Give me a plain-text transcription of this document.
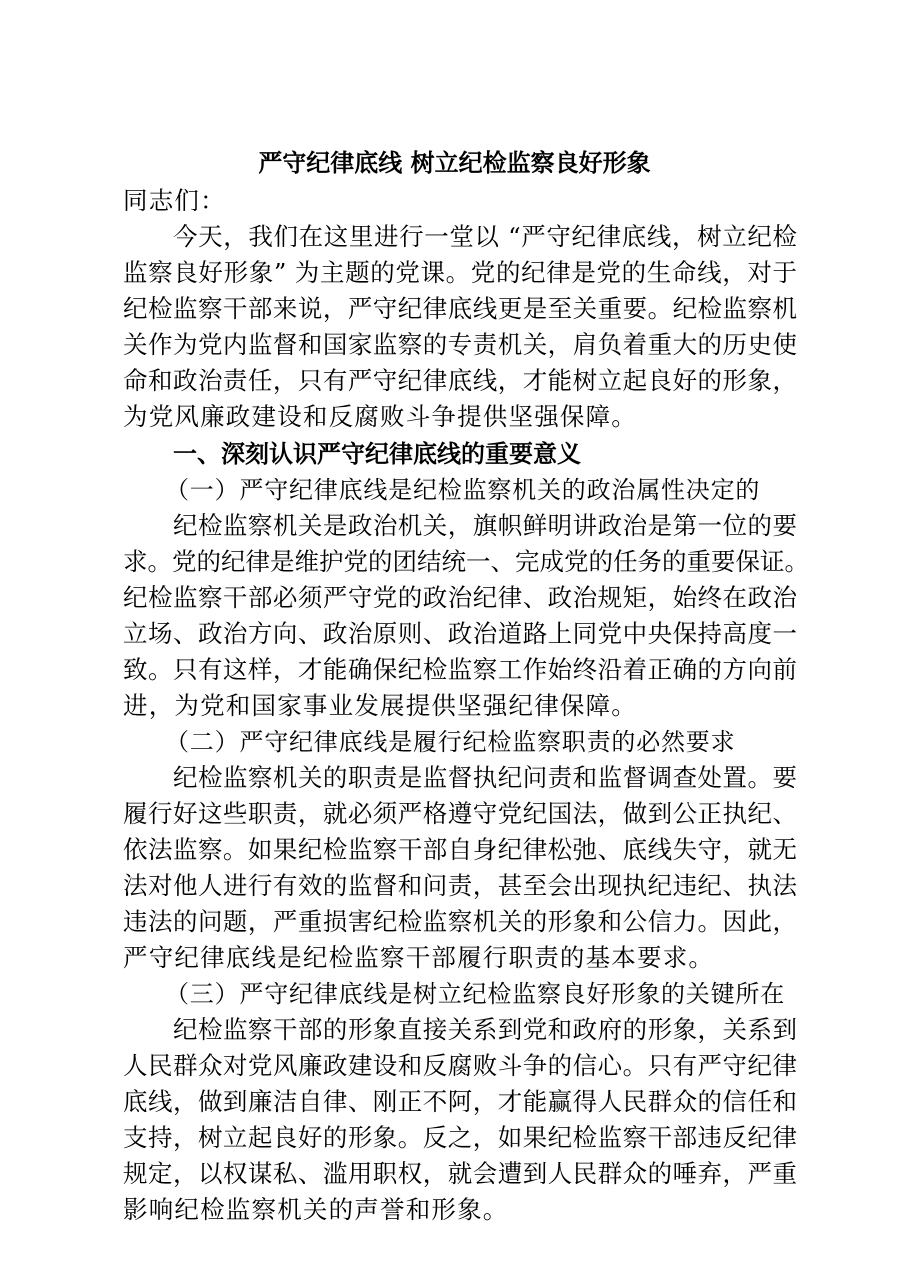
严守纪律底线 树立纪检监察良好形象
同志们：
今天，我们在这里进行一堂以 “严守纪律底线，树立纪检
监察良好形象” 为主题的党课。党的纪律是党的生命线，对于
纪检监察干部来说，严守纪律底线更是至关重要。纪检监察机
关作为党内监督和国家监察的专责机关，肩负着重大的历史使
命和政治责任，只有严守纪律底线，才能树立起良好的形象，
为党风廉政建设和反腐败斗争提供坚强保障。
一、深刻认识严守纪律底线的重要意义
（一）严守纪律底线是纪检监察机关的政治属性决定的
纪检监察机关是政治机关，旗帜鲜明讲政治是第一位的要
求。党的纪律是维护党的团结统一、完成党的任务的重要保证。
纪检监察干部必须严守党的政治纪律、政治规矩，始终在政治
立场、政治方向、政治原则、政治道路上同党中央保持高度一
致。只有这样，才能确保纪检监察工作始终沿着正确的方向前
进，为党和国家事业发展提供坚强纪律保障。
（二）严守纪律底线是履行纪检监察职责的必然要求
纪检监察机关的职责是监督执纪问责和监督调查处置。要
履行好这些职责，就必须严格遵守党纪国法，做到公正执纪、
依法监察。如果纪检监察干部自身纪律松弛、底线失守，就无
法对他人进行有效的监督和问责，甚至会出现执纪违纪、执法
违法的问题，严重损害纪检监察机关的形象和公信力。因此，
严守纪律底线是纪检监察干部履行职责的基本要求。
（三）严守纪律底线是树立纪检监察良好形象的关键所在
纪检监察干部的形象直接关系到党和政府的形象，关系到
人民群众对党风廉政建设和反腐败斗争的信心。只有严守纪律
底线，做到廉洁自律、刚正不阿，才能赢得人民群众的信任和
支持，树立起良好的形象。反之，如果纪检监察干部违反纪律
规定，以权谋私、滥用职权，就会遭到人民群众的唾弃，严重
影响纪检监察机关的声誉和形象。
